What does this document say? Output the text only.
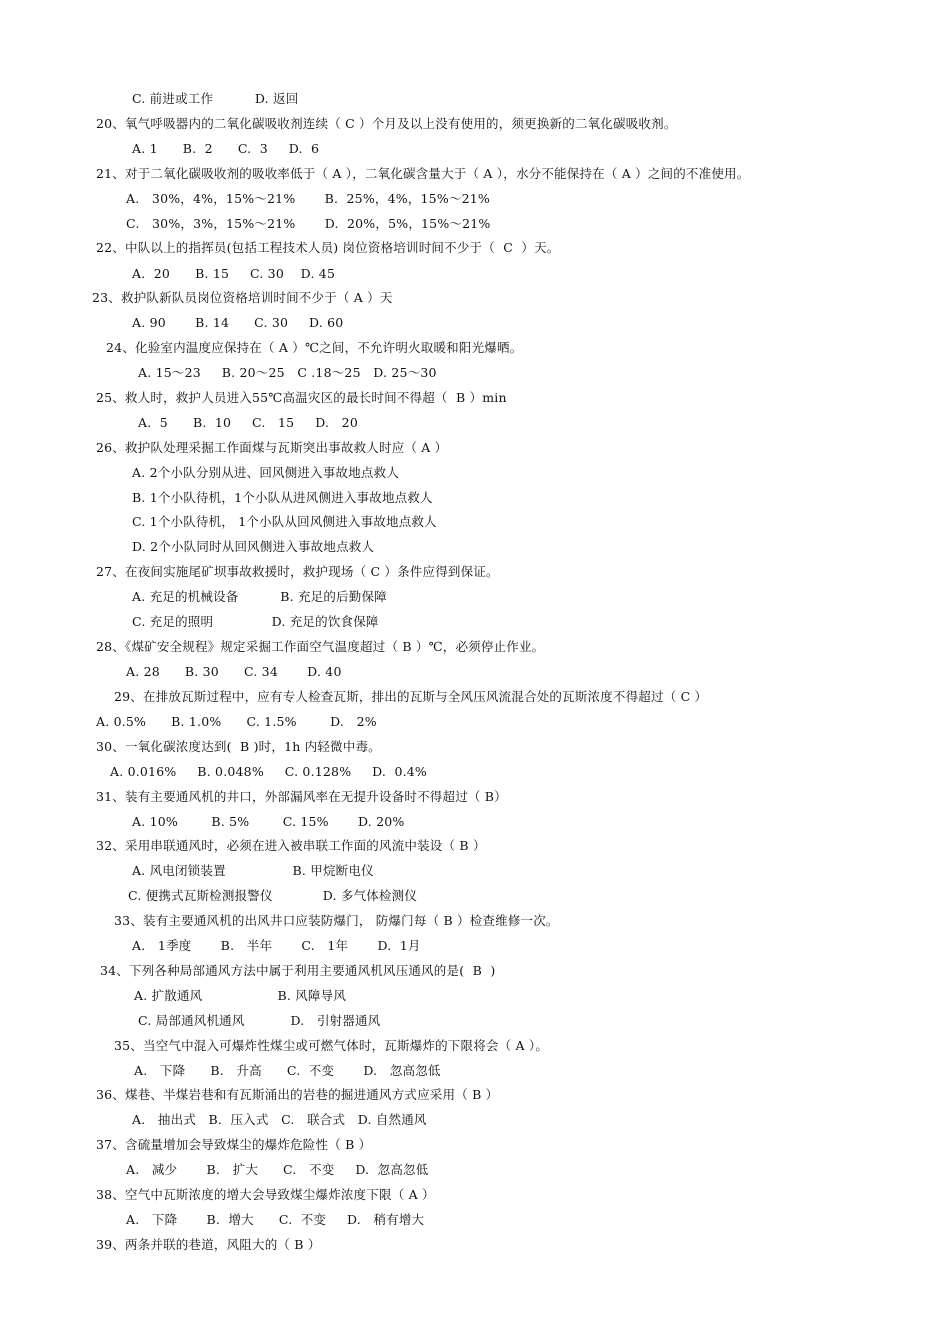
C. 前进或工作          D. 返回
20、氧气呼吸器内的二氧化碳吸收剂连续（ C ）个月及以上没有使用的，须更换新的二氧化碳吸收剂。
A. 1      B.  2      C.  3     D.  6
21、对于二氧化碳吸收剂的吸收率低于（ A ），二氧化碳含量大于（ A ），水分不能保持在（ A ）之间的不准使用。
A.   30%，4%，15%～21%       B.  25%，4%，15%～21%
C.   30%，3%，15%～21%       D.  20%，5%，15%～21%
22、中队以上的指挥员(包括工程技术人员) 岗位资格培训时间不少于（  C  ）天。
A.  20      B. 15     C. 30    D. 45
23、救护队新队员岗位资格培训时间不少于（ A ）天
A. 90       B. 14      C. 30     D. 60
24、化验室内温度应保持在（ A ）℃之间，不允许明火取暖和阳光爆晒。
A. 15～23     B. 20～25   C .18～25   D. 25～30
25、救人时，救护人员进入55℃高温灾区的最长时间不得超（  B ）min
A.  5      B.  10     C.   15     D.   20
26、救护队处理采掘工作面煤与瓦斯突出事故救人时应（ A ）
A. 2个小队分别从进、回风侧进入事故地点救人
B. 1个小队待机，1个小队从进风侧进入事故地点救人
C. 1个小队待机， 1个小队从回风侧进入事故地点救人
D. 2个小队同时从回风侧进入事故地点救人
27、在夜间实施尾矿坝事故救援时，救护现场（ C ）条件应得到保证。
A. 充足的机械设备          B. 充足的后勤保障
C. 充足的照明              D. 充足的饮食保障
28、《煤矿安全规程》规定采掘工作面空气温度超过（ B ）℃，必须停止作业。
A. 28      B. 30      C. 34       D. 40
29、在排放瓦斯过程中，应有专人检查瓦斯，排出的瓦斯与全风压风流混合处的瓦斯浓度不得超过（ C ）
A. 0.5%      B. 1.0%      C. 1.5%        D.   2%
30、一氧化碳浓度达到(  B )时，1h 内轻微中毒。
A. 0.016%     B. 0.048%     C. 0.128%     D.  0.4%
31、装有主要通风机的井口，外部漏风率在无提升设备时不得超过（ B）
A. 10%        B. 5%        C. 15%       D. 20%
32、采用串联通风时，必须在进入被串联工作面的风流中装设（ B ）
A. 风电闭锁装置                B. 甲烷断电仪
C. 便携式瓦斯检测报警仪            D. 多气体检测仪
33、装有主要通风机的出风井口应装防爆门， 防爆门每（ B ）检查维修一次。
A.   1季度       B.   半年       C.   1年       D.  1月
34、下列各种局部通风方法中属于利用主要通风机风压通风的是(  B  )
A. 扩散通风                  B. 风障导风
C. 局部通风机通风           D.   引射器通风
35、当空气中混入可爆炸性煤尘或可燃气体时，瓦斯爆炸的下限将会（ A ）。
A.   下降      B.   升高      C.  不变       D.   忽高忽低
36、煤巷、半煤岩巷和有瓦斯涌出的岩巷的掘进通风方式应采用（ B ）
A.   抽出式   B.  压入式   C.   联合式   D. 自然通风
37、含硫量增加会导致煤尘的爆炸危险性（ B ）
A.   减少       B.   扩大      C.   不变     D.  忽高忽低
38、空气中瓦斯浓度的增大会导致煤尘爆炸浓度下限（ A ）
A.   下降       B.  增大      C.  不变     D.   稍有增大
39、两条并联的巷道，风阻大的（ B ）
